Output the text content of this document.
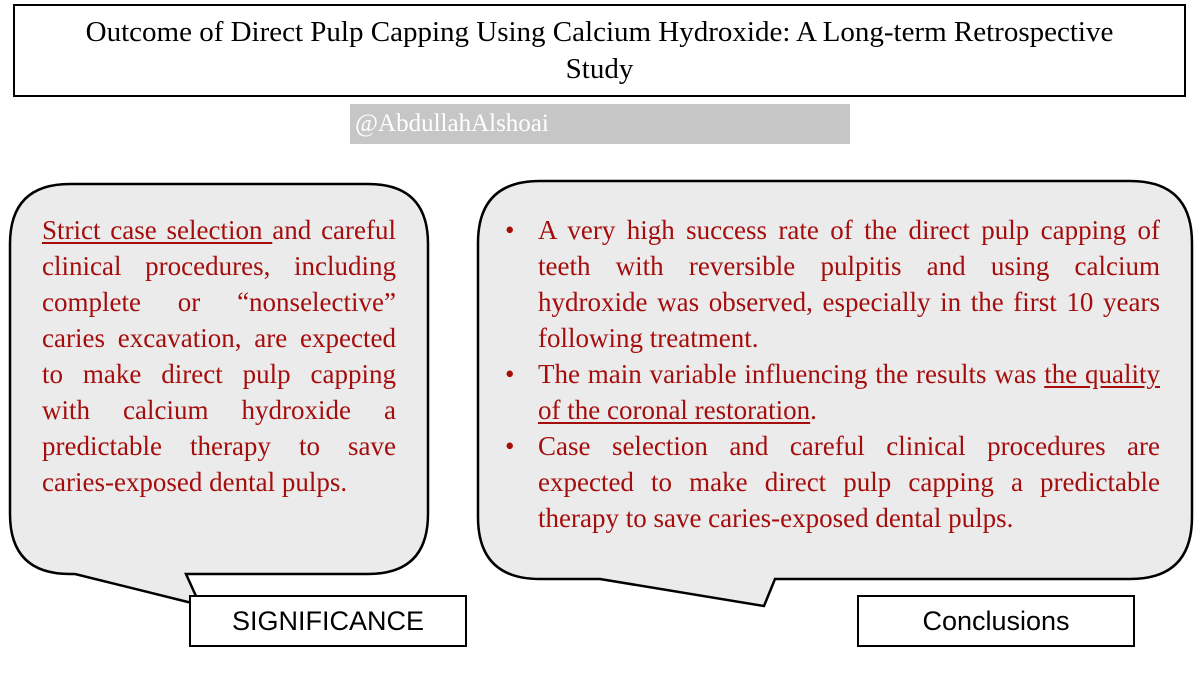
Outcome of Direct Pulp Capping Using Calcium Hydroxide: A Long-term Retrospective Study
@AbdullahAlshoai
Strict case selection and careful clinical procedures, including complete or “nonselective” caries excavation, are expected to make direct pulp capping with calcium hydroxide a predictable therapy to save caries-exposed dental pulps.
• A very high success rate of the direct pulp capping of teeth with reversible pulpitis and using calcium hydroxide was observed, especially in the first 10 years following treatment.
• The main variable influencing the results was the quality of the coronal restoration.
• Case selection and careful clinical procedures are expected to make direct pulp capping a predictable therapy to save caries-exposed dental pulps.
SIGNIFICANCE	Conclusions
